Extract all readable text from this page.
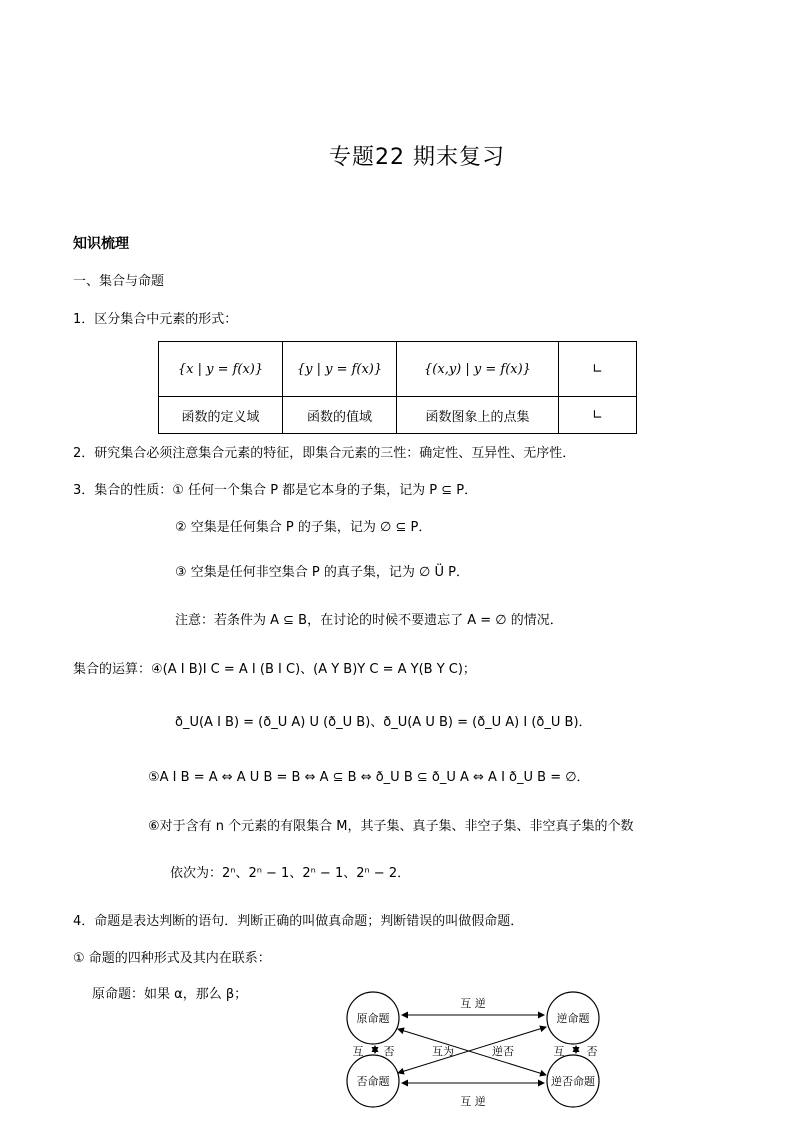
专题22 期末复习
知识梳理
一、集合与命题
1．区分集合中元素的形式：
{x | y = f(x)}	{y | y = f(x)}	{(x,y) | y = f(x)}	∟
函数的定义域	函数的值域	函数图象上的点集	∟
2．研究集合必须注意集合元素的特征，即集合元素的三性：确定性、互异性、无序性．
3．集合的性质：① 任何一个集合 P 都是它本身的子集，记为 P ⊆ P．
② 空集是任何集合 P 的子集，记为 ∅ ⊆ P．
③ 空集是任何非空集合 P 的真子集，记为 ∅ Ü P．
注意：若条件为 A ⊆ B，在讨论的时候不要遗忘了 A = ∅ 的情况．
集合的运算：④(A I B)I C = A I (B I C)、(A Y B)Y C = A Y(B Y C)；
ð_U(A I B) = (ð_U A) U (ð_U B)、ð_U(A U B) = (ð_U A) I (ð_U B)．
⑤A I B = A ⇔ A U B = B ⇔ A ⊆ B ⇔ ð_U B ⊆ ð_U A ⇔ A I ð_U B = ∅．
⑥对于含有 n 个元素的有限集合 M，其子集、真子集、非空子集、非空真子集的个数
依次为：2ⁿ、2ⁿ − 1、2ⁿ − 1、2ⁿ − 2．
4．命题是表达判断的语句．判断正确的叫做真命题；判断错误的叫做假命题．
① 命题的四种形式及其内在联系：
原命题：如果 α，那么 β；
原命题	逆命题
否命题	逆否命题
互 逆
互 逆
互 否	互 否
互为	逆否
